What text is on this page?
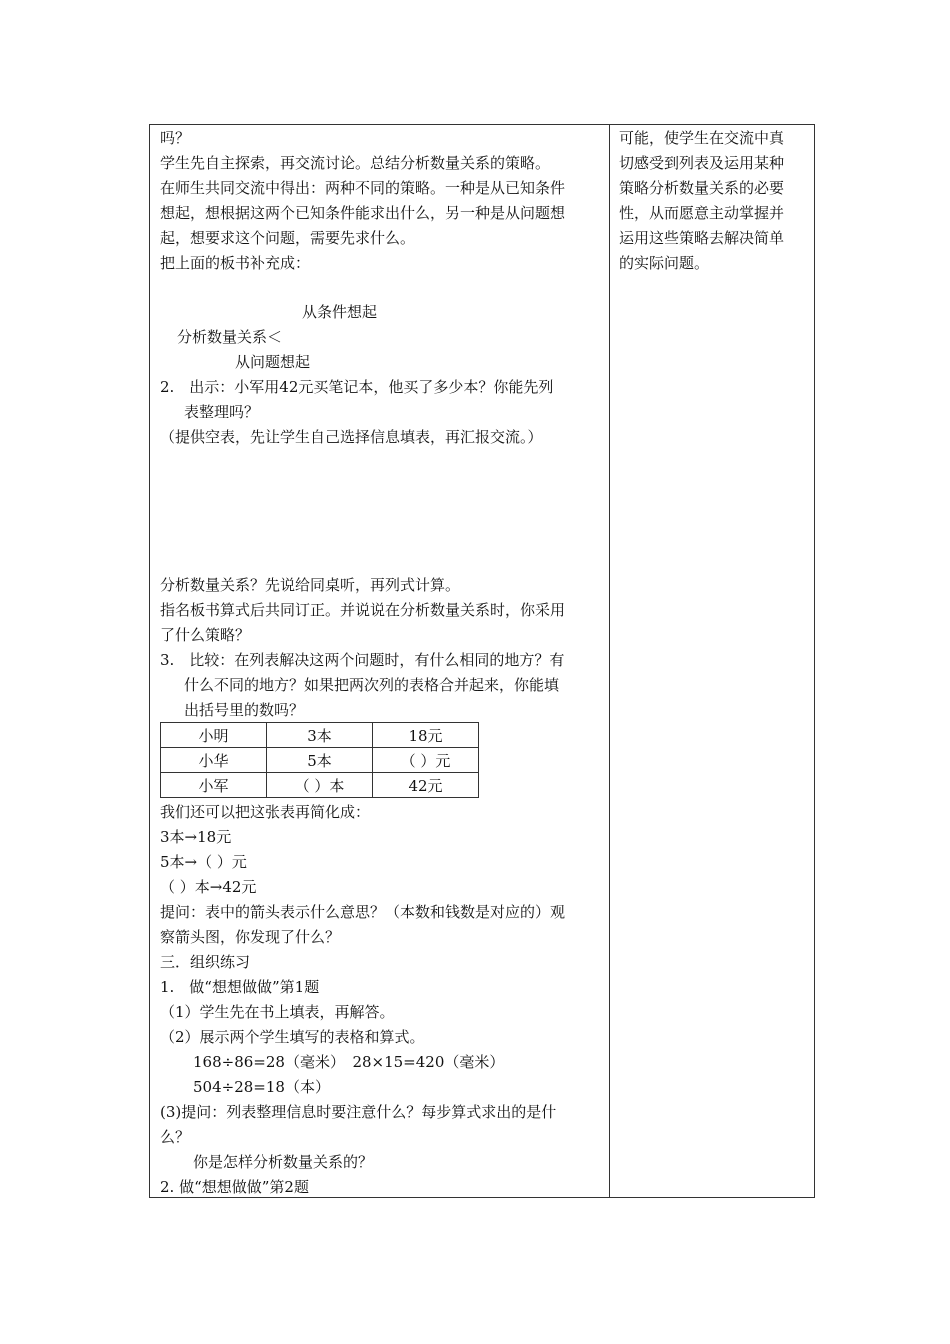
吗？
学生先自主探索，再交流讨论。总结分析数量关系的策略。
在师生共同交流中得出：两种不同的策略。一种是从已知条件
想起，想根据这两个已知条件能求出什么，另一种是从问题想
起，想要求这个问题，需要先求什么。
把上面的板书补充成：
从条件想起
分析数量关系＜
从问题想起
2.　出示：小军用42元买笔记本，他买了多少本？你能先列
表整理吗？
（提供空表，先让学生自己选择信息填表，再汇报交流。）
分析数量关系？先说给同桌听，再列式计算。
指名板书算式后共同订正。并说说在分析数量关系时，你采用
了什么策略？
3.　比较：在列表解决这两个问题时，有什么相同的地方？有
什么不同的地方？如果把两次列的表格合并起来，你能填
出括号里的数吗？
小明	3本	18元
小华	5本	（ ）元
小军	（ ）本	42元
我们还可以把这张表再简化成：
3本→18元
5本→（ ）元
（ ）本→42元
提问：表中的箭头表示什么意思？（本数和钱数是对应的）观
察箭头图，你发现了什么？
三．组织练习
1.　做“想想做做”第1题
（1）学生先在书上填表，再解答。
（2）展示两个学生填写的表格和算式。
168÷86=28（毫米）　28×15=420（毫米）
504÷28=18（本）
(3)提问：列表整理信息时要注意什么？每步算式求出的是什
么？
你是怎样分析数量关系的？
2. 做“想想做做”第2题
可能，使学生在交流中真
切感受到列表及运用某种
策略分析数量关系的必要
性，从而愿意主动掌握并
运用这些策略去解决简单
的实际问题。
